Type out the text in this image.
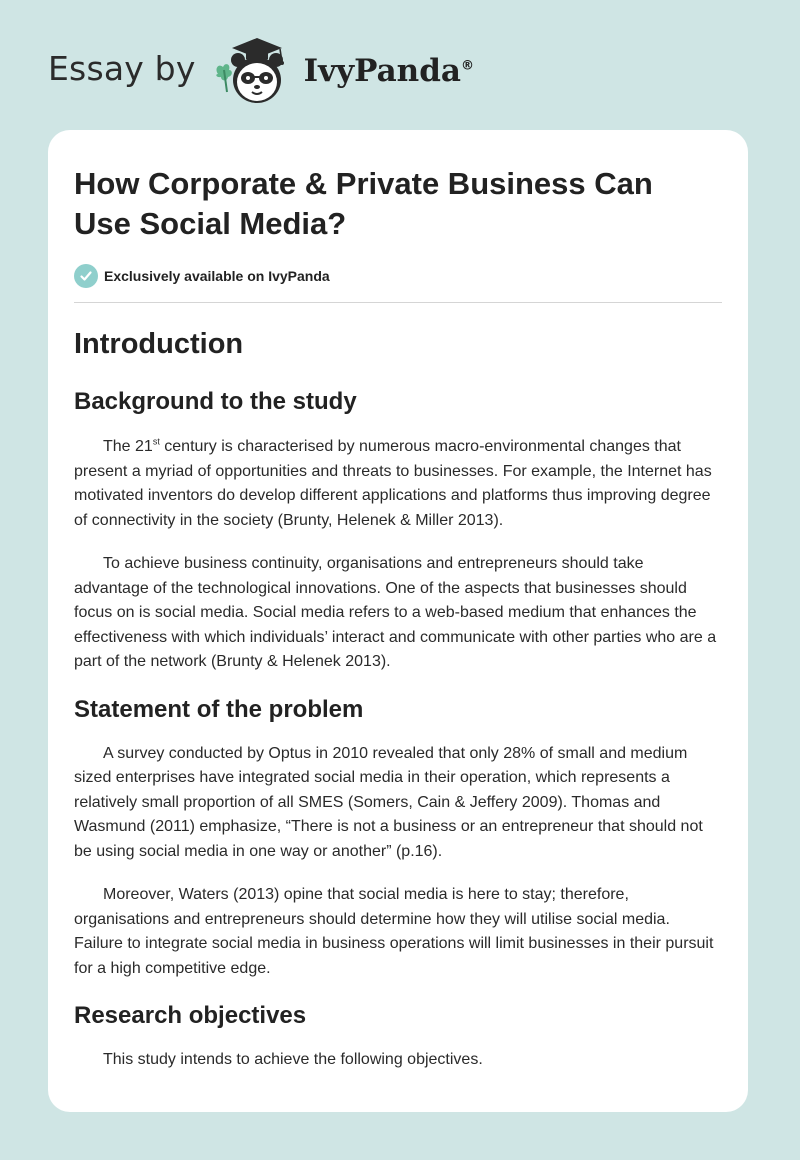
Essay by	IvyPanda®
How Corporate & Private Business Can Use Social Media?
Exclusively available on IvyPanda
Introduction
Background to the study

The 21st century is characterised by numerous macro-environmental changes that present a myriad of opportunities and threats to businesses. For example, the Internet has motivated inventors do develop different applications and platforms thus improving degree of connectivity in the society (Brunty, Helenek & Miller 2013).

To achieve business continuity, organisations and entrepreneurs should take advantage of the technological innovations. One of the aspects that businesses should focus on is social media. Social media refers to a web-based medium that enhances the effectiveness with which individuals’ interact and communicate with other parties who are a part of the network (Brunty & Helenek 2013).

Statement of the problem

A survey conducted by Optus in 2010 revealed that only 28% of small and medium sized enterprises have integrated social media in their operation, which represents a relatively small proportion of all SMES (Somers, Cain & Jeffery 2009). Thomas and Wasmund (2011) emphasize, “There is not a business or an entrepreneur that should not be using social media in one way or another” (p.16).

Moreover, Waters (2013) opine that social media is here to stay; therefore, organisations and entrepreneurs should determine how they will utilise social media. Failure to integrate social media in business operations will limit businesses in their pursuit for a high competitive edge.

Research objectives

This study intends to achieve the following objectives.
